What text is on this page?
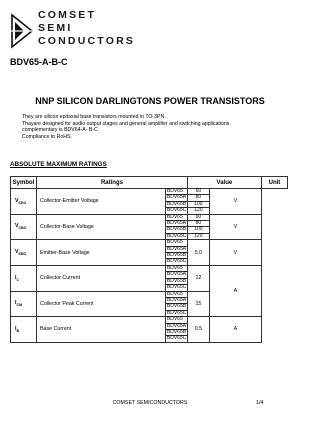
COMSET
SEMI
CONDUCTORS
BDV65-A-B-C
NNP SILICON DARLINGTONS POWER TRANSISTORS

They are silicon epitaxial base transistors mounted in TO-3PN.

Thayare designed for audio output stages and general amplifier and switching applications.

complementary is BDV64-A- B-C

Compliance to RoHS.

ABSOLUTE MAXIMUM RATINGS
Symbol	Ratings		Value		Unit
$V_{CEO}$	Collector-Emitter Voltage	BDV65	60	V	
		BDV65A	80		
		BDV65B	100		
		BDV65C	120		
$V_{CBO}$	Collector-Base Voltage	BDV65	60	V	
		BDV65A	80		
		BDV65B	100		
		BDV65C	120		
$V_{EBO}$	Emitter-Base Voltage	BDV65	5.0	V	
		BDV65A			
		BDV65B			
		BDV65C			
$I_C$	Collector Current	BDV65	12	A	
		BDV65A			
		BDV65B			
		BDV65C			
$I_{CM}$	Collector Peak Current	BDV65	15		
		BDV65A			
		BDV65B			
		BDV65C			
$I_B$	Base Current	BDV65	0.5	A	
		BDV65A			
		BDV65B			
		BDV65C			
COMSET SEMICONDUCTORS	1/4
